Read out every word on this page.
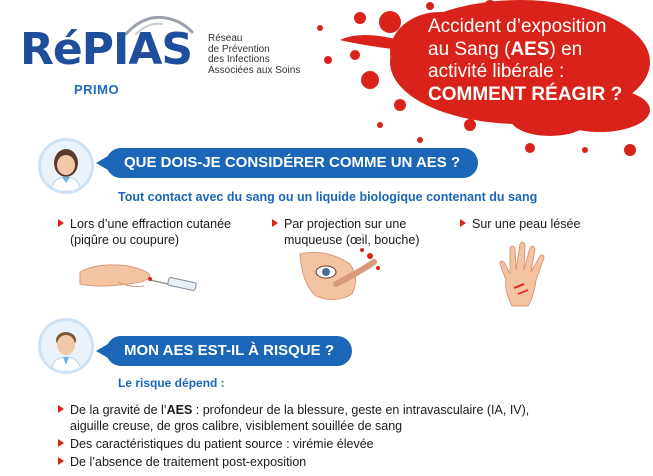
RéPIAS Réseau
de Prévention
des Infections
Associées aux Soins
PRIMO
Accident d’exposition
au Sang (AES) en
activité libérale :
COMMENT RÉAGIR ?
QUE DOIS-JE CONSIDÉRER COMME UN AES ?
Tout contact avec du sang ou un liquide biologique contenant du sang
Lors d’une effraction cutanée
(piqûre ou coupure)
Par projection sur une
muqueuse (œil, bouche)
Sur une peau lésée
MON AES EST-IL À RISQUE ?
Le risque dépend :
De la gravité de l’AES : profondeur de la blessure, geste en intravasculaire (IA, IV),
aiguille creuse, de gros calibre, visiblement souillée de sang
Des caractéristiques du patient source : virémie élevée
De l’absence de traitement post-exposition
